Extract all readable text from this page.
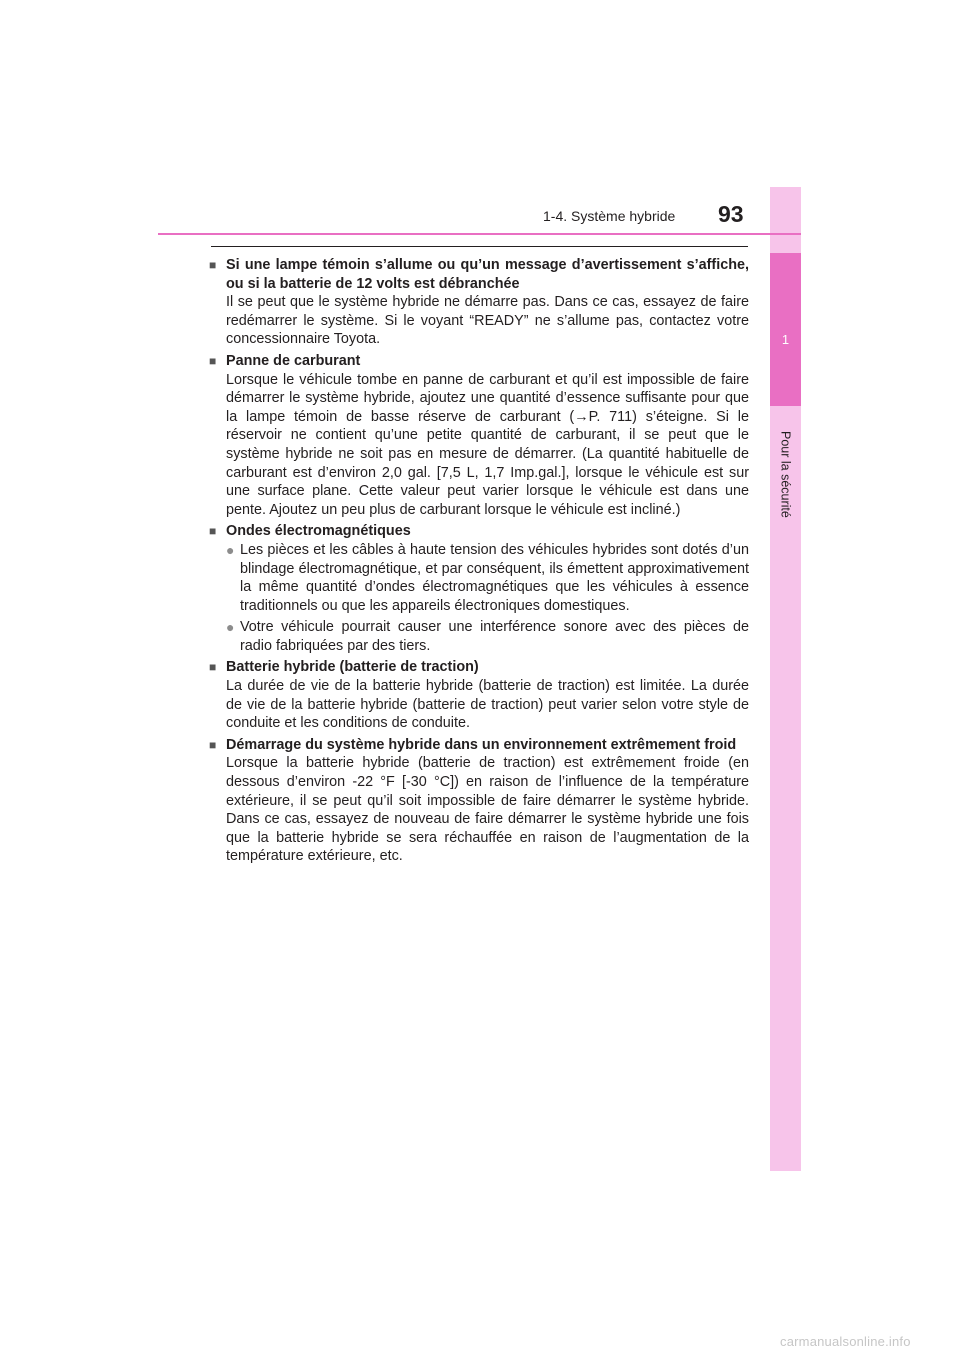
1
Pour la sécurité
1-4. Système hybride 93
■ Si une lampe témoin s’allume ou qu’un message d’avertissement s’affiche, ou si la batterie de 12 volts est débranchée
Il se peut que le système hybride ne démarre pas. Dans ce cas, essayez de faire redémarrer le système. Si le voyant “READY” ne s’allume pas, contactez votre concessionnaire Toyota.
■ Panne de carburant
Lorsque le véhicule tombe en panne de carburant et qu’il est impossible de faire démarrer le système hybride, ajoutez une quantité d’essence suffisante pour que la lampe témoin de basse réserve de carburant (→P. 711) s’éteigne. Si le réservoir ne contient qu’une petite quantité de carburant, il se peut que le système hybride ne soit pas en mesure de démarrer. (La quantité habituelle de carburant est d’environ 2,0 gal. [7,5 L, 1,7 Imp.gal.], lorsque le véhicule est sur une surface plane. Cette valeur peut varier lorsque le véhicule est dans une pente. Ajoutez un peu plus de carburant lorsque le véhicule est incliné.)
■ Ondes électromagnétiques
● Les pièces et les câbles à haute tension des véhicules hybrides sont dotés d’un blindage électromagnétique, et par conséquent, ils émettent approximativement la même quantité d’ondes électromagnétiques que les véhicules à essence traditionnels ou que les appareils électroniques domestiques.
● Votre véhicule pourrait causer une interférence sonore avec des pièces de radio fabriquées par des tiers.
■ Batterie hybride (batterie de traction)
La durée de vie de la batterie hybride (batterie de traction) est limitée. La durée de vie de la batterie hybride (batterie de traction) peut varier selon votre style de conduite et les conditions de conduite.
■ Démarrage du système hybride dans un environnement extrêmement froid
Lorsque la batterie hybride (batterie de traction) est extrêmement froide (en dessous d’environ -22 °F [-30 °C]) en raison de l’influence de la température extérieure, il se peut qu’il soit impossible de faire démarrer le système hybride. Dans ce cas, essayez de nouveau de faire démarrer le système hybride une fois que la batterie hybride se sera réchauffée en raison de l’augmentation de la température extérieure, etc.
carmanualsonline.info
